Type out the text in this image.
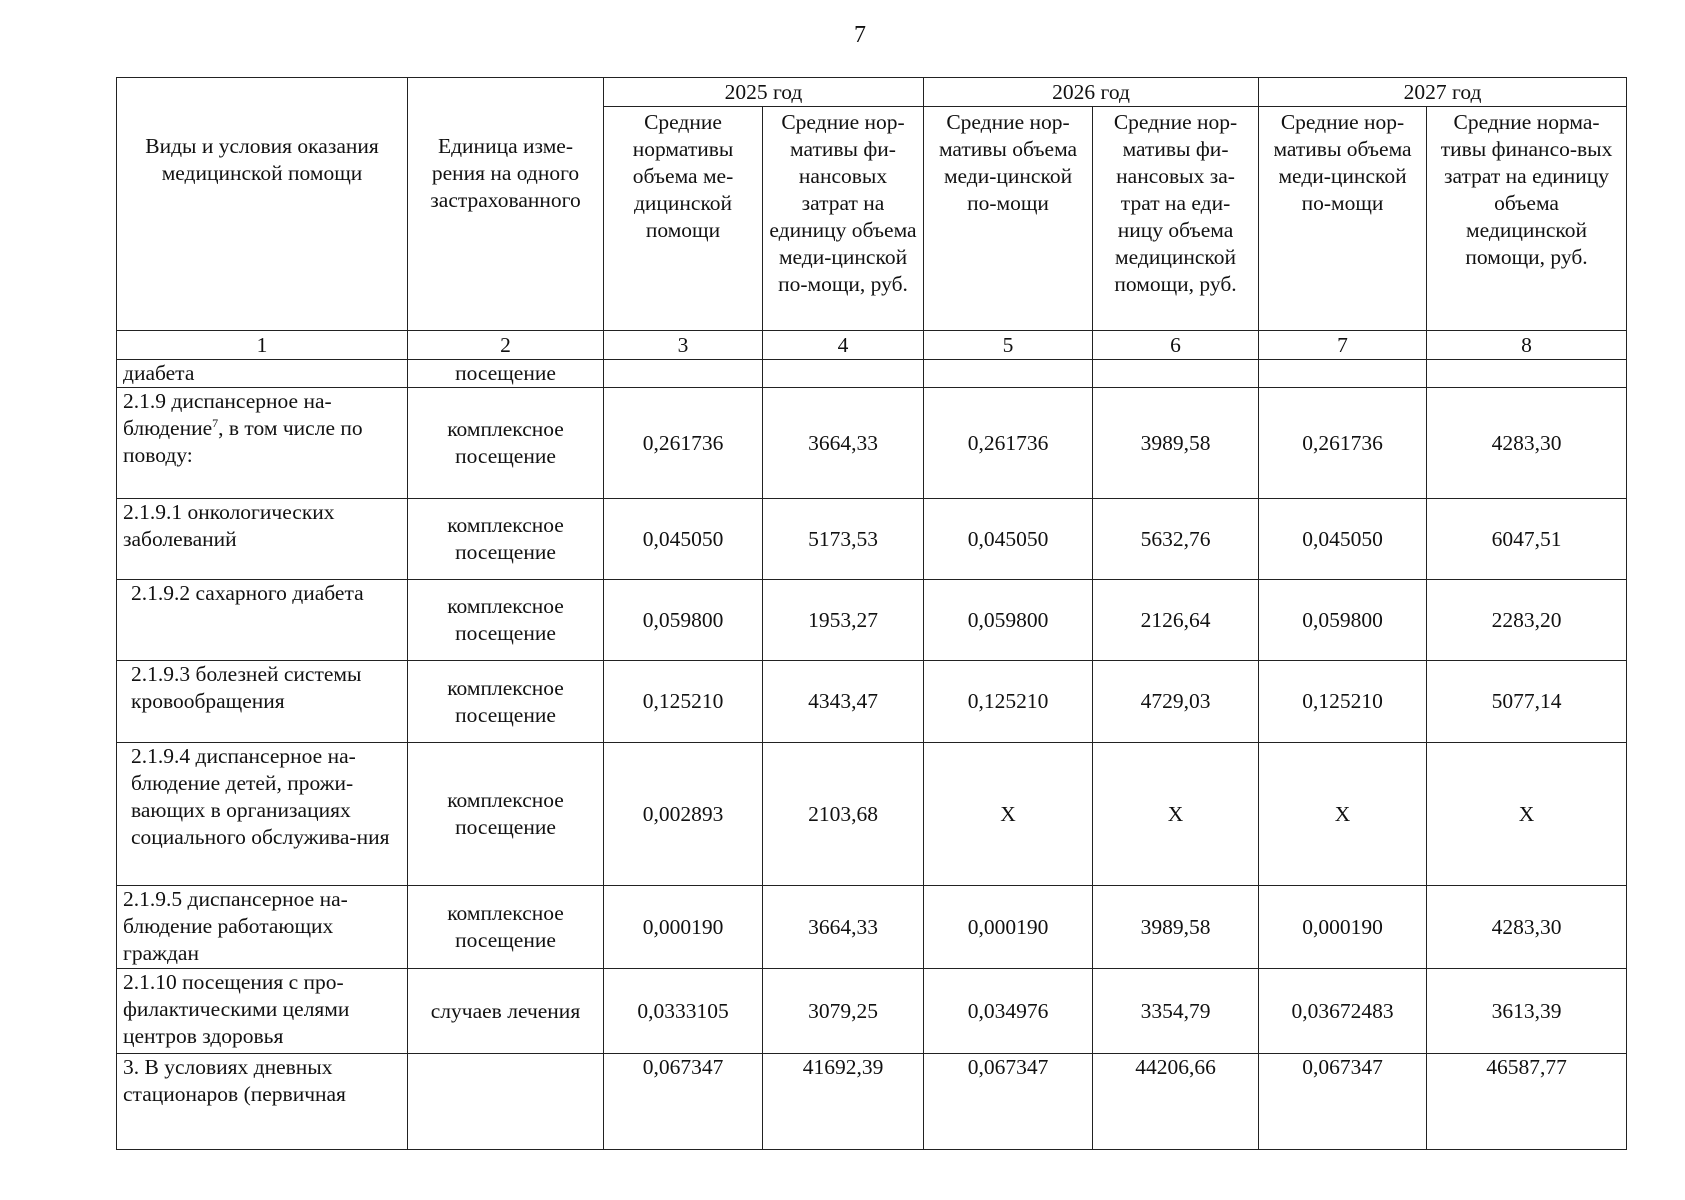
7
Виды и условия оказания медицинской помощи	Единица изме-рения на одного застрахованного	2025 год		2026 год		2027 год	
		Средние нормативы объема ме-дицинской помощи	Средние нор-мативы фи-нансовых затрат на единицу объема меди-цинской по-мощи, руб.	Средние нор-мативы объема меди-цинской по-мощи	Средние нор-мативы фи-нансовых за-трат на еди-ницу объема медицинской помощи, руб.	Средние нор-мативы объема меди-цинской по-мощи	Средние норма-тивы финансо-вых затрат на единицу объема медицинской помощи, руб.
1	2	3	4	5	6	7	8
диабета	посещение						
2.1.9 диспансерное на-блюдение$^7$, в том числе по поводу:	комплексное посещение	0,261736	3664,33	0,261736	3989,58	0,261736	4283,30
2.1.9.1 онкологических заболеваний	комплексное посещение	0,045050	5173,53	0,045050	5632,76	0,045050	6047,51
2.1.9.2 сахарного диабета	комплексное посещение	0,059800	1953,27	0,059800	2126,64	0,059800	2283,20
2.1.9.3 болезней системы кровообращения	комплексное посещение	0,125210	4343,47	0,125210	4729,03	0,125210	5077,14
2.1.9.4 диспансерное на-блюдение детей, прожи-вающих в организациях социального обслужива-ния	комплексное посещение	0,002893	2103,68	X	X	X	X
2.1.9.5 диспансерное на-блюдение работающих граждан	комплексное посещение	0,000190	3664,33	0,000190	3989,58	0,000190	4283,30
2.1.10 посещения с про-филактическими целями центров здоровья	случаев лечения	0,0333105	3079,25	0,034976	3354,79	0,03672483	3613,39
3. В условиях дневных стационаров (первичная		0,067347	41692,39	0,067347	44206,66	0,067347	46587,77
